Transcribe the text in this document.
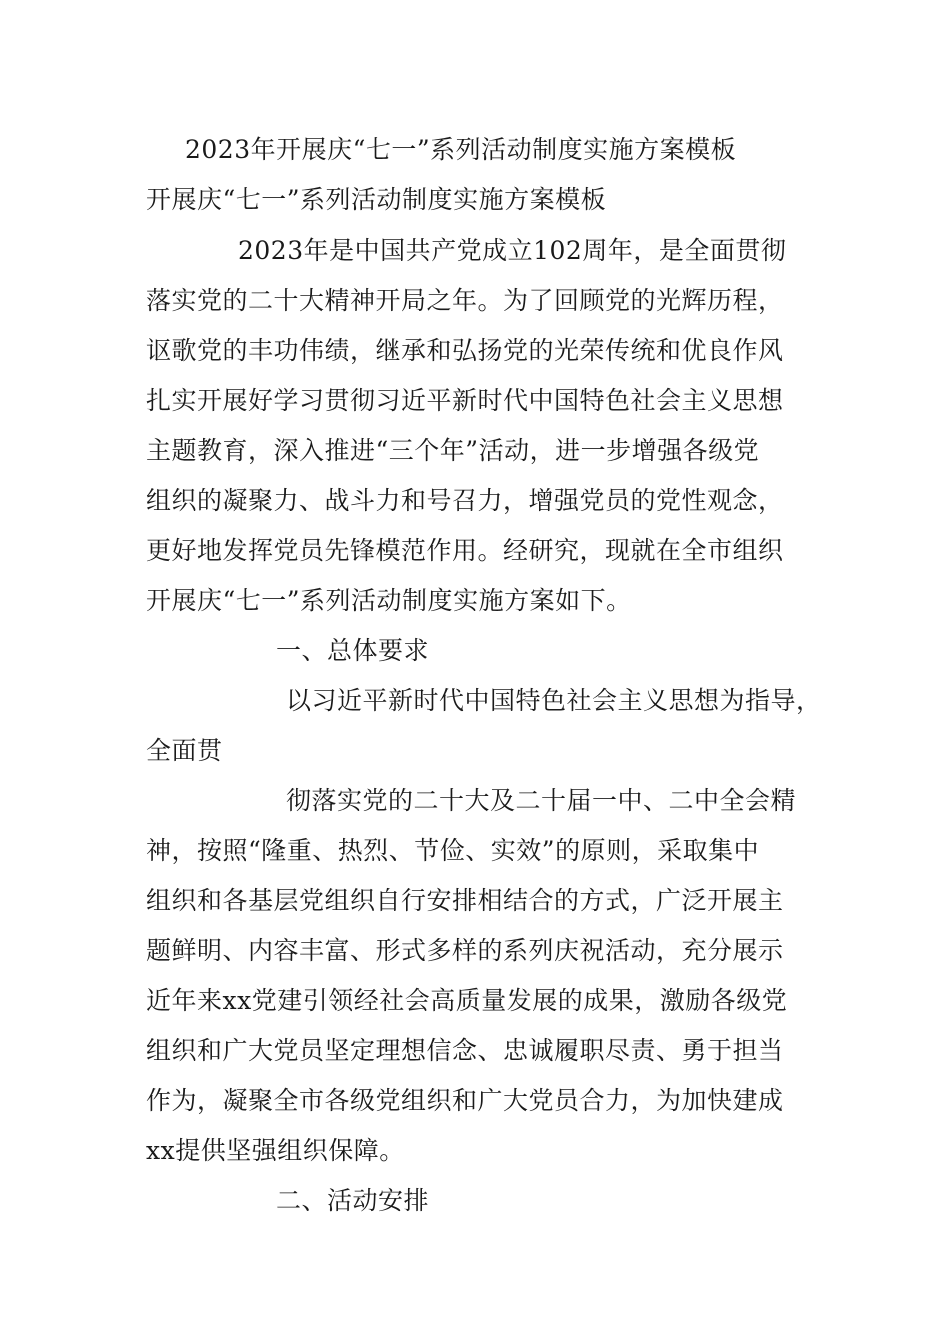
2023年开展庆“七一”系列活动制度实施方案模板
开展庆“七一”系列活动制度实施方案模板
2023年是中国共产党成立102周年，是全面贯彻
落实党的二十大精神开局之年。为了回顾党的光辉历程，
讴歌党的丰功伟绩，继承和弘扬党的光荣传统和优良作风
扎实开展好学习贯彻习近平新时代中国特色社会主义思想
主题教育，深入推进“三个年”活动，进一步增强各级党
组织的凝聚力、战斗力和号召力，增强党员的党性观念，
更好地发挥党员先锋模范作用。经研究，现就在全市组织
开展庆“七一”系列活动制度实施方案如下。
一、总体要求
以习近平新时代中国特色社会主义思想为指导，
全面贯
彻落实党的二十大及二十届一中、二中全会精
神，按照“隆重、热烈、节俭、实效”的原则，采取集中
组织和各基层党组织自行安排相结合的方式，广泛开展主
题鲜明、内容丰富、形式多样的系列庆祝活动，充分展示
近年来xx党建引领经社会高质量发展的成果，激励各级党
组织和广大党员坚定理想信念、忠诚履职尽责、勇于担当
作为，凝聚全市各级党组织和广大党员合力，为加快建成
xx提供坚强组织保障。
二、活动安排
